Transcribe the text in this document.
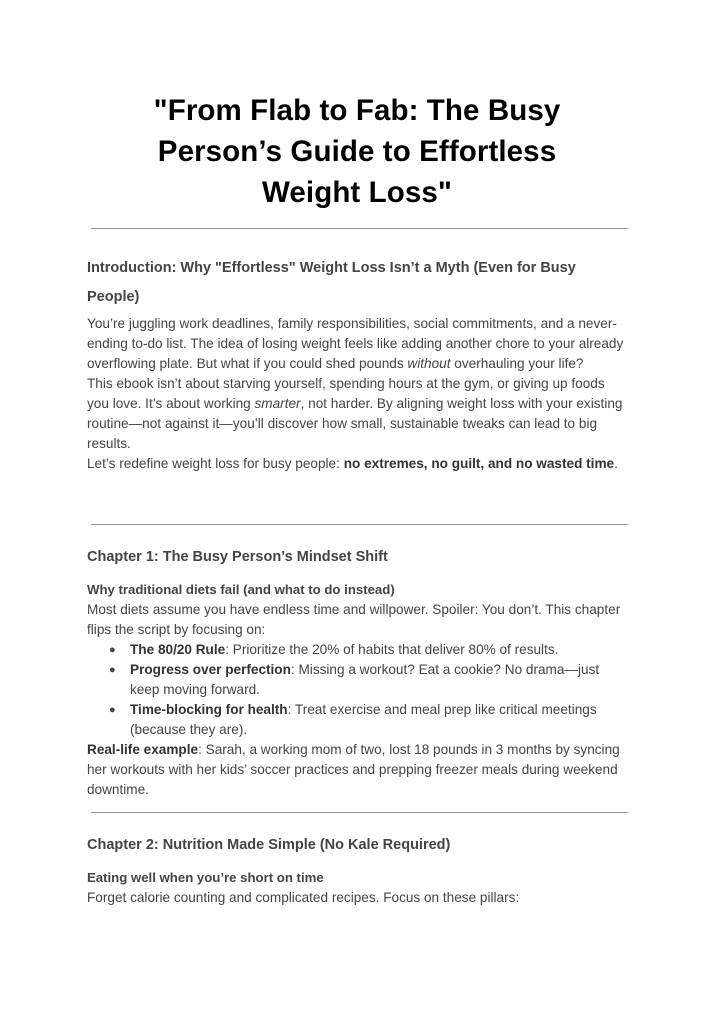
"From Flab to Fab: The Busy
Person’s Guide to Effortless
Weight Loss"
Introduction: Why "Effortless" Weight Loss Isn’t a Myth (Even for Busy
People)
You’re juggling work deadlines, family responsibilities, social commitments, and a never-ending to-do list. The idea of losing weight feels like adding another chore to your already overflowing plate. But what if you could shed pounds without overhauling your life?
This ebook isn’t about starving yourself, spending hours at the gym, or giving up foods you love. It’s about working smarter, not harder. By aligning weight loss with your existing routine—not against it—you’ll discover how small, sustainable tweaks can lead to big results.
Let’s redefine weight loss for busy people: no extremes, no guilt, and no wasted time.
Chapter 1: The Busy Person’s Mindset Shift
Why traditional diets fail (and what to do instead)
Most diets assume you have endless time and willpower. Spoiler: You don’t. This chapter flips the script by focusing on:
● The 80/20 Rule: Prioritize the 20% of habits that deliver 80% of results.
● Progress over perfection: Missing a workout? Eat a cookie? No drama—just keep moving forward.
● Time-blocking for health: Treat exercise and meal prep like critical meetings (because they are).
Real-life example: Sarah, a working mom of two, lost 18 pounds in 3 months by syncing her workouts with her kids’ soccer practices and prepping freezer meals during weekend downtime.
Chapter 2: Nutrition Made Simple (No Kale Required)
Eating well when you’re short on time
Forget calorie counting and complicated recipes. Focus on these pillars:
